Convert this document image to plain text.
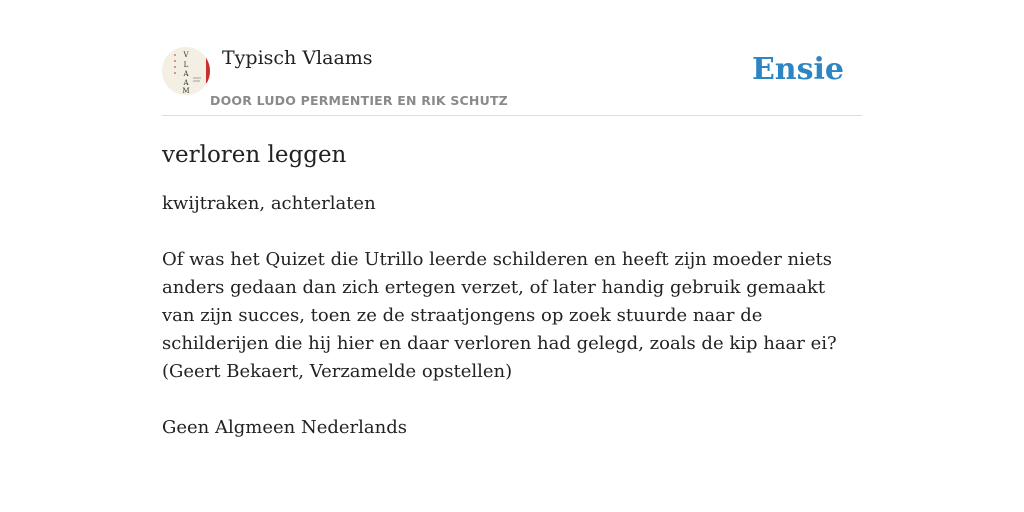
V
L
A
A
M
Typisch Vlaams
DOOR LUDO PERMENTIER EN RIK SCHUTZ
Ensie
verloren leggen
kwijtraken, achterlaten
Of was het Quizet die Utrillo leerde schilderen en heeft zijn moeder niets anders gedaan dan zich ertegen verzet, of later handig gebruik gemaakt van zijn succes, toen ze de straatjongens op zoek stuurde naar de schilderijen die hij hier en daar verloren had gelegd, zoals de kip haar ei?
(Geert Bekaert, Verzamelde opstellen)
Geen Algmeen Nederlands
